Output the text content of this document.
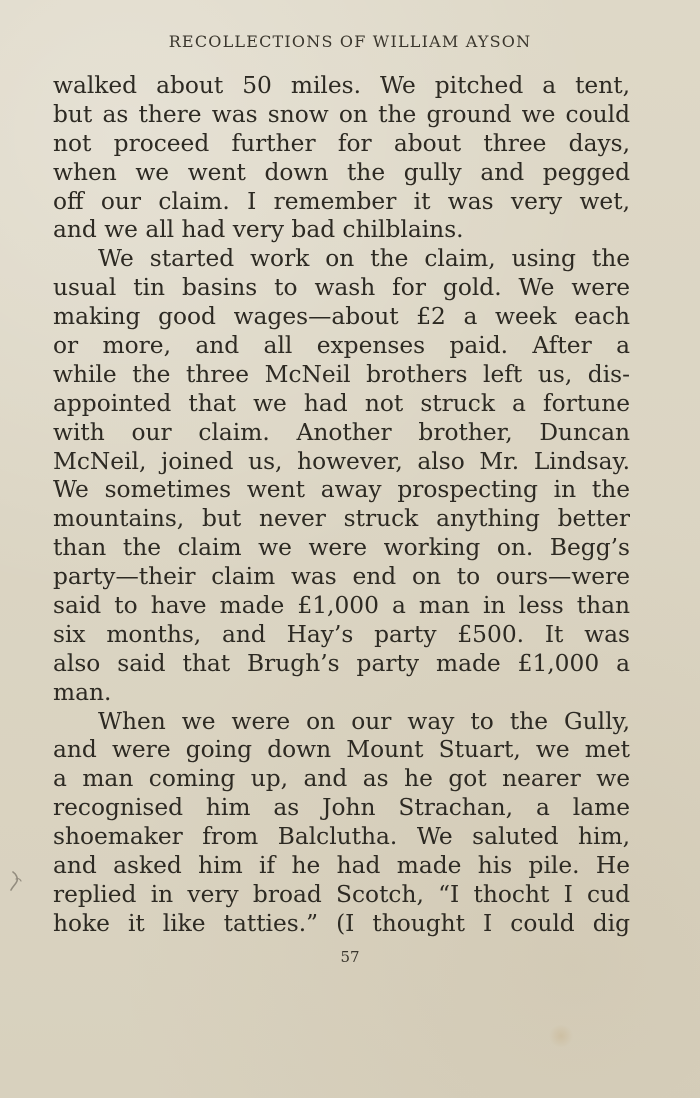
RECOLLECTIONS OF WILLIAM AYSON
walked about 50 miles. We pitched a tent,
but as there was snow on the ground we could
not proceed further for about three days,
when we went down the gully and pegged
off our claim. I remember it was very wet,
and we all had very bad chilblains.
We started work on the claim, using the
usual tin basins to wash for gold. We were
making good wages—about £2 a week each
or more, and all expenses paid. After a
while the three McNeil brothers left us, dis-
appointed that we had not struck a fortune
with our claim. Another brother, Duncan
McNeil, joined us, however, also Mr. Lindsay.
We sometimes went away prospecting in the
mountains, but never struck anything better
than the claim we were working on. Begg’s
party—their claim was end on to ours—were
said to have made £1,000 a man in less than
six months, and Hay’s party £500. It was
also said that Brugh’s party made £1,000 a
man.
When we were on our way to the Gully,
and were going down Mount Stuart, we met
a man coming up, and as he got nearer we
recognised him as John Strachan, a lame
shoemaker from Balclutha. We saluted him,
and asked him if he had made his pile. He
replied in very broad Scotch, “I thocht I cud
hoke it like tatties.” (I thought I could dig
57
